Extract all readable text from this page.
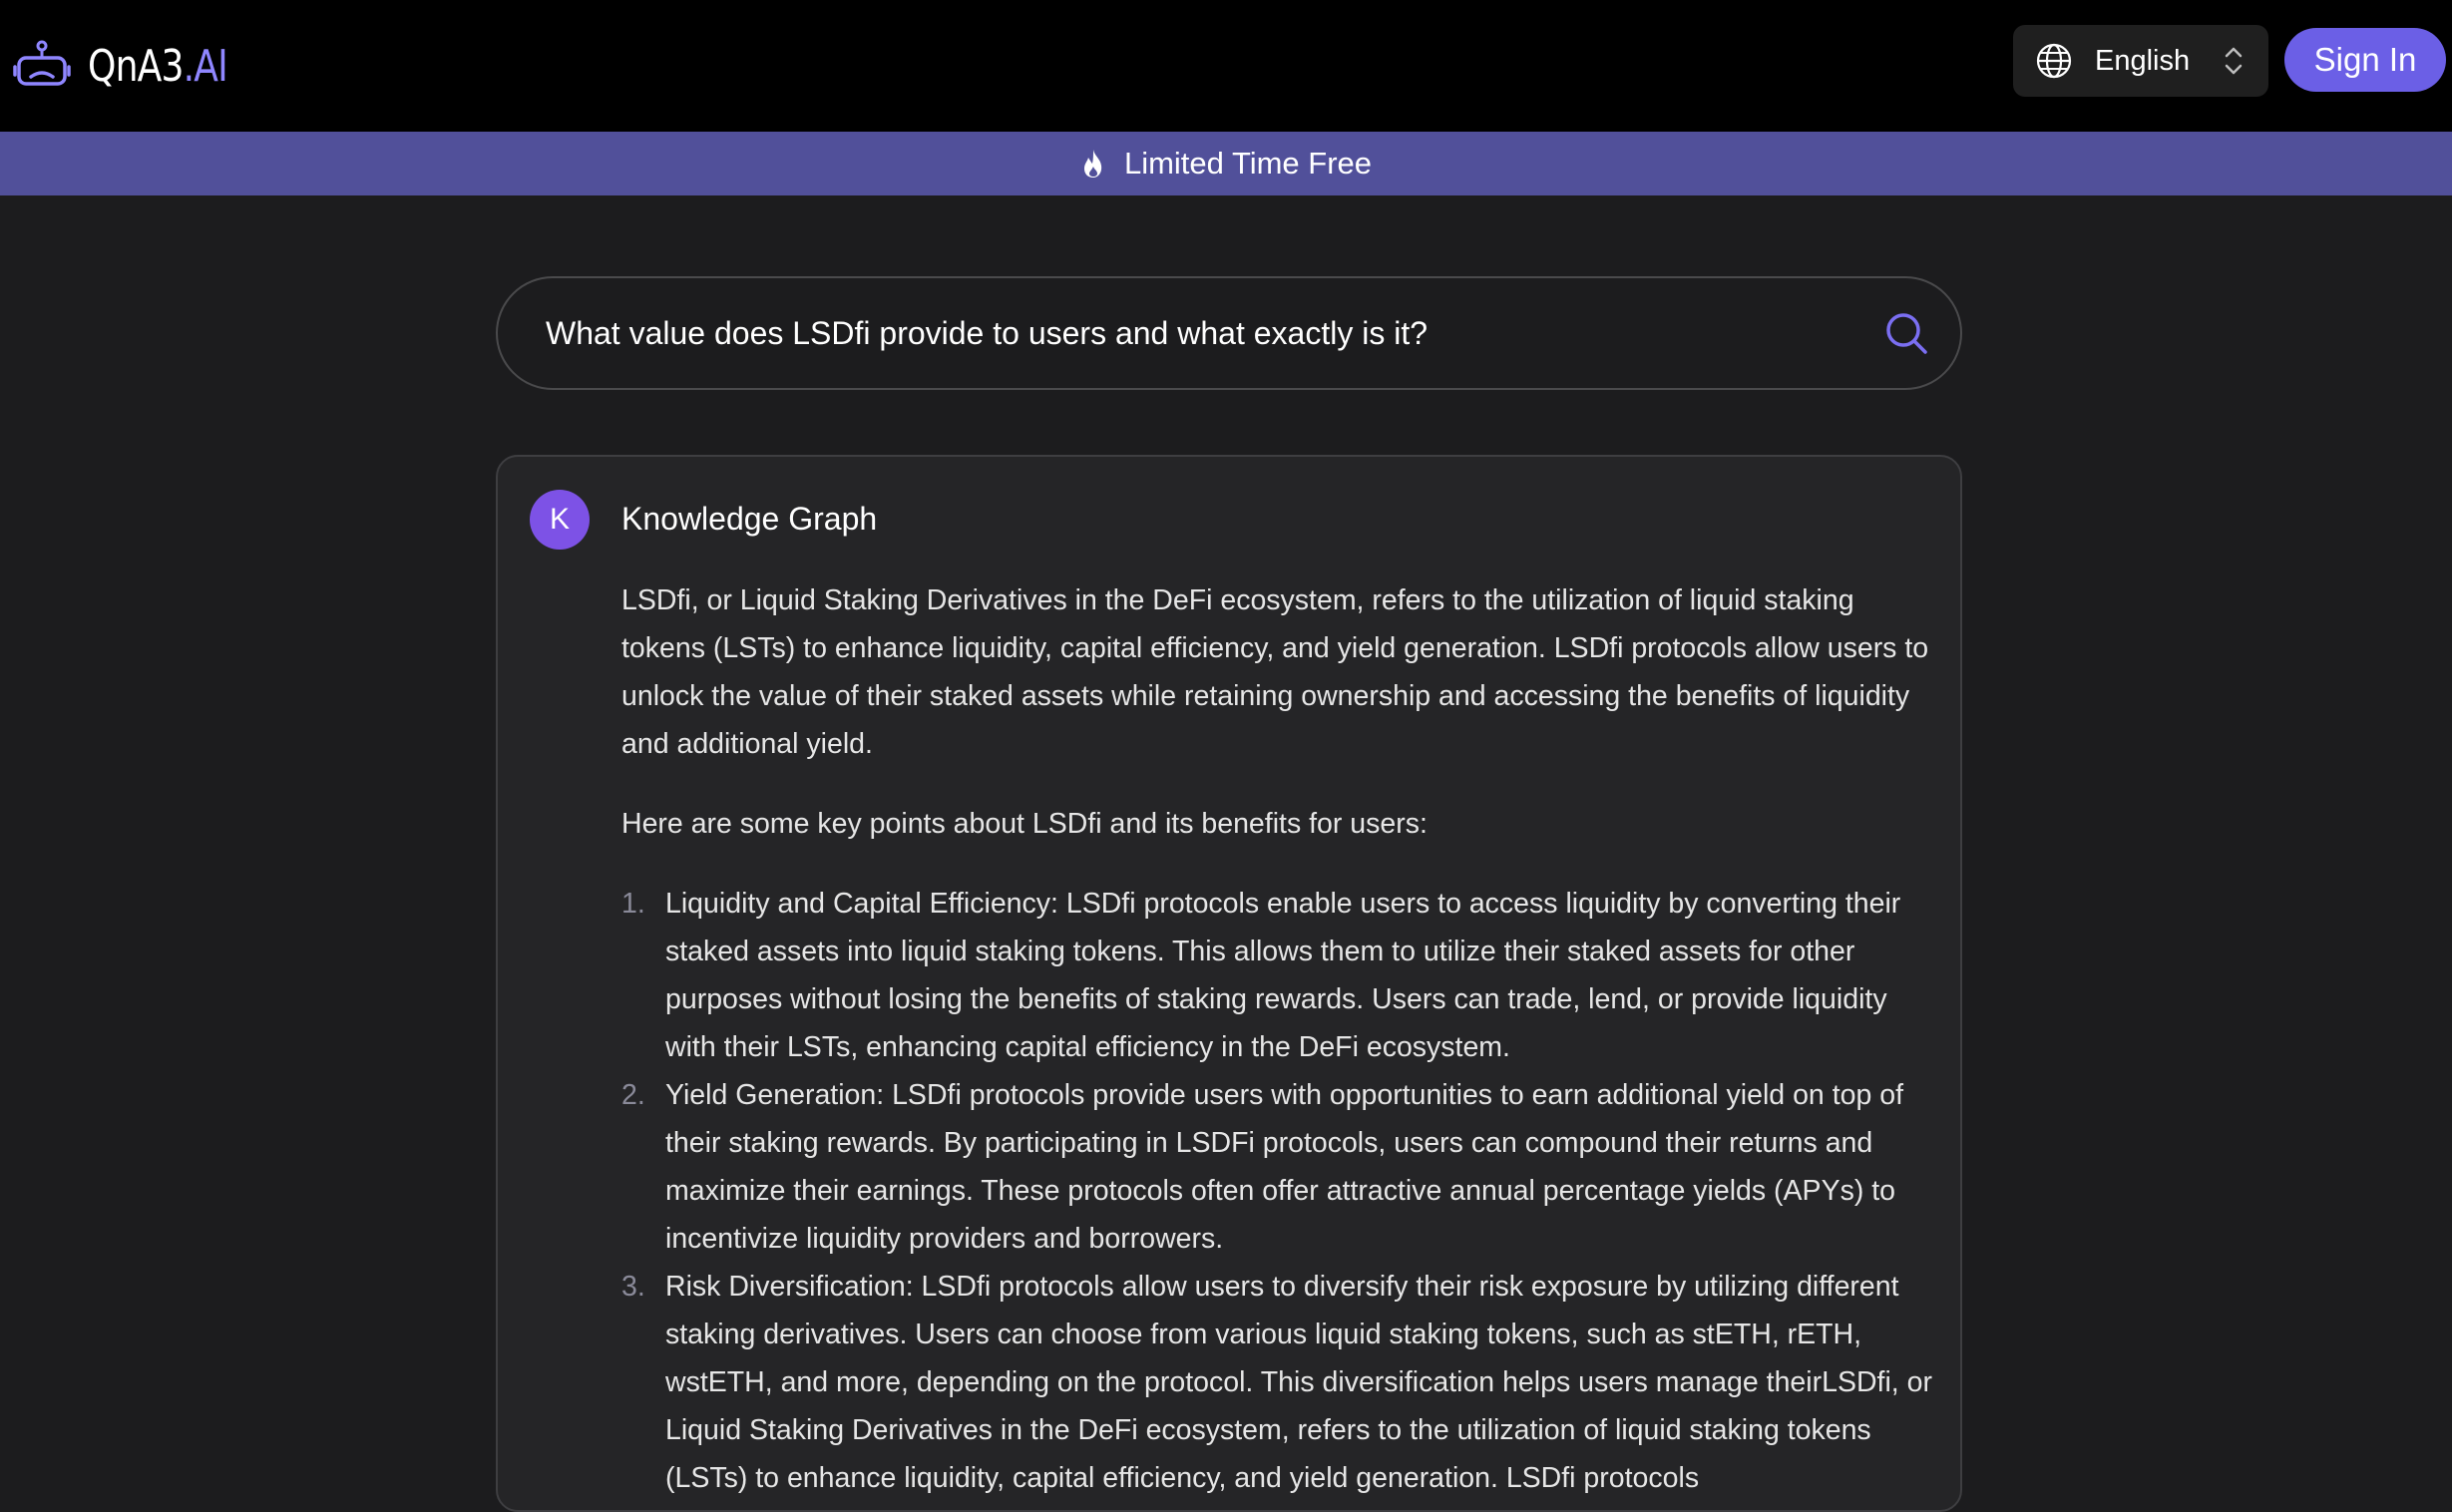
QnA3.AI	English	Sign In
Limited Time Free
What value does LSDfi provide to users and what exactly is it?
K	Knowledge Graph

LSDfi, or Liquid Staking Derivatives in the DeFi ecosystem, refers to the utilization of liquid staking tokens (LSTs) to enhance liquidity, capital efficiency, and yield generation. LSDfi protocols allow users to unlock the value of their staked assets while retaining ownership and accessing the benefits of liquidity and additional yield.

Here are some key points about LSDfi and its benefits for users:

1. Liquidity and Capital Efficiency: LSDfi protocols enable users to access liquidity by converting their staked assets into liquid staking tokens. This allows them to utilize their staked assets for other purposes without losing the benefits of staking rewards. Users can trade, lend, or provide liquidity with their LSTs, enhancing capital efficiency in the DeFi ecosystem.
2. Yield Generation: LSDfi protocols provide users with opportunities to earn additional yield on top of their staking rewards. By participating in LSDFi protocols, users can compound their returns and maximize their earnings. These protocols often offer attractive annual percentage yields (APYs) to incentivize liquidity providers and borrowers.
3. Risk Diversification: LSDfi protocols allow users to diversify their risk exposure by utilizing different staking derivatives. Users can choose from various liquid staking tokens, such as stETH, rETH, wstETH, and more, depending on the protocol. This diversification helps users manage theirLSDfi, or Liquid Staking Derivatives in the DeFi ecosystem, refers to the utilization of liquid staking tokens (LSTs) to enhance liquidity, capital efficiency, and yield generation. LSDfi protocols
